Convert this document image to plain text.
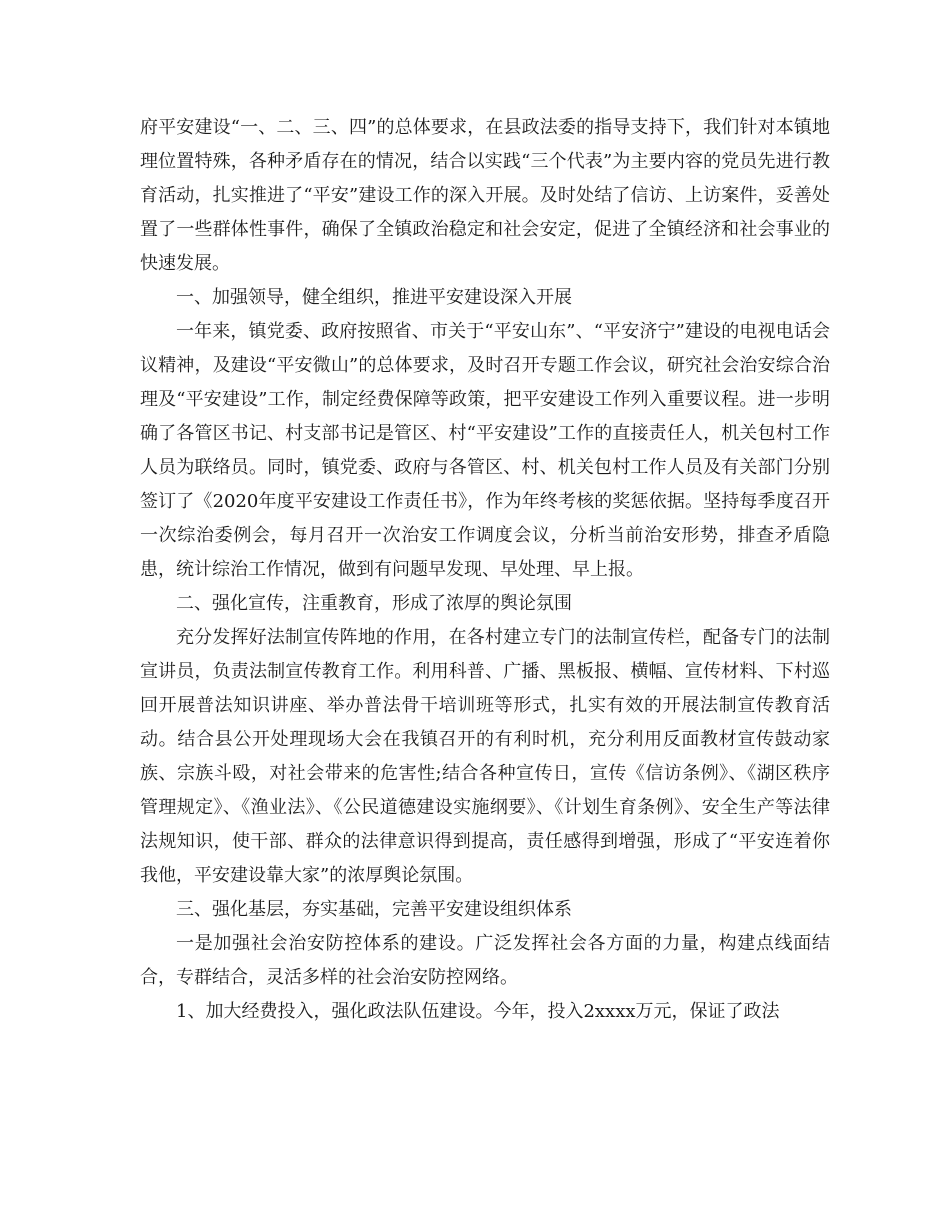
府平安建设“一、二、三、四”的总体要求，在县政法委的指导支持下，我们针对本镇地理位置特殊，各种矛盾存在的情况，结合以实践“三个代表”为主要内容的党员先进行教育活动，扎实推进了“平安”建设工作的深入开展。及时处结了信访、上访案件，妥善处置了一些群体性事件，确保了全镇政治稳定和社会安定，促进了全镇经济和社会事业的快速发展。

一、加强领导，健全组织，推进平安建设深入开展

一年来，镇党委、政府按照省、市关于“平安山东”、“平安济宁”建设的电视电话会议精神，及建设“平安微山”的总体要求，及时召开专题工作会议，研究社会治安综合治理及“平安建设”工作，制定经费保障等政策，把平安建设工作列入重要议程。进一步明确了各管区书记、村支部书记是管区、村“平安建设”工作的直接责任人，机关包村工作人员为联络员。同时，镇党委、政府与各管区、村、机关包村工作人员及有关部门分别签订了《2020年度平安建设工作责任书》，作为年终考核的奖惩依据。坚持每季度召开一次综治委例会，每月召开一次治安工作调度会议，分析当前治安形势，排查矛盾隐患，统计综治工作情况，做到有问题早发现、早处理、早上报。

二、强化宣传，注重教育，形成了浓厚的舆论氛围

充分发挥好法制宣传阵地的作用，在各村建立专门的法制宣传栏，配备专门的法制宣讲员，负责法制宣传教育工作。利用科普、广播、黑板报、横幅、宣传材料、下村巡回开展普法知识讲座、举办普法骨干培训班等形式，扎实有效的开展法制宣传教育活动。结合县公开处理现场大会在我镇召开的有利时机，充分利用反面教材宣传鼓动家族、宗族斗殴，对社会带来的危害性;结合各种宣传日，宣传《信访条例》、《湖区秩序管理规定》、《渔业法》、《公民道德建设实施纲要》、《计划生育条例》、安全生产等法律法规知识，使干部、群众的法律意识得到提高，责任感得到增强，形成了“平安连着你我他，平安建设靠大家”的浓厚舆论氛围。

三、强化基层，夯实基础，完善平安建设组织体系

一是加强社会治安防控体系的建设。广泛发挥社会各方面的力量，构建点线面结合，专群结合，灵活多样的社会治安防控网络。

1、加大经费投入，强化政法队伍建设。今年，投入2xxxx万元，保证了政法
